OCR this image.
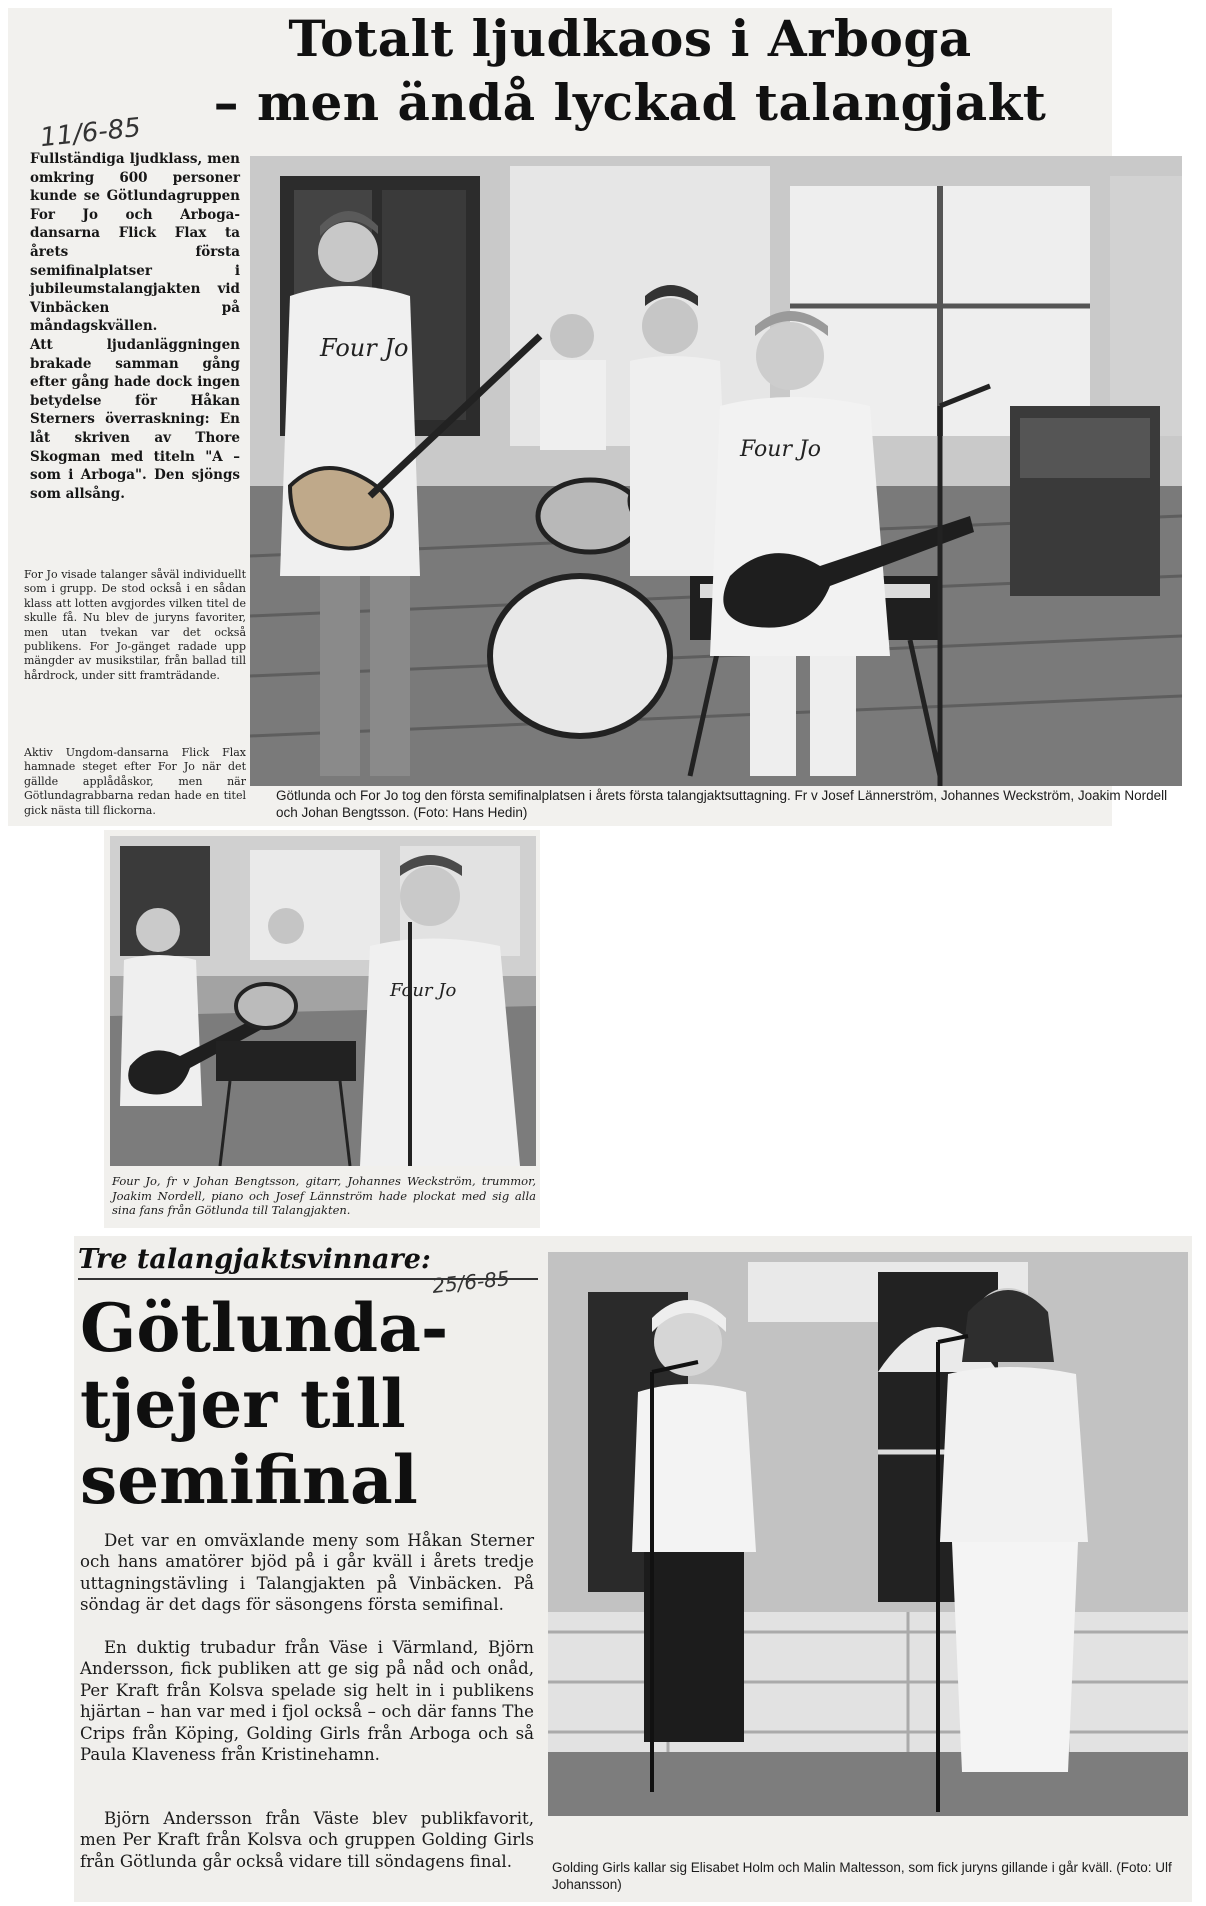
Totalt ljudkaos i Arboga
– men ändå lyckad talangjakt
11/6-85

Fullständiga ljudklass, men omkring 600 personer kunde se Götlundagruppen For Jo och Arboga-dansarna Flick Flax ta årets första semifinalplatser i jubileumstalangjakten vid Vinbäcken på måndagskvällen.

Att ljudanläggningen brakade samman gång efter gång hade dock ingen betydelse för Håkan Sterners överraskning: En låt skriven av Thore Skogman med titeln "A – som i Arboga". Den sjöngs som allsång.

For Jo visade talanger såväl individuellt som i grupp. De stod också i en sådan klass att lotten avgjordes vilken titel de skulle få. Nu blev de juryns favoriter, men utan tvekan var det också publikens. For Jo-gänget radade upp mängder av musikstilar, från ballad till hårdrock, under sitt framträdande.

Aktiv Ungdom-dansarna Flick Flax hamnade steget efter For Jo när det gällde applådåskor, men när Götlundagrabbarna redan hade en titel gick nästa till flickorna.

Four Jo
Four Jo

Götlunda och For Jo tog den första semifinalplatsen i årets första talangjaktsuttagning. Fr v Josef Lännerström, Johannes Weckström, Joakim Nordell och Johan Bengtsson. (Foto: Hans Hedin)

Four Jo

Four Jo, fr v Johan Bengtsson, gitarr, Johannes Weckström, trummor, Joakim Nordell, piano och Josef Lännström hade plockat med sig alla sina fans från Götlunda till Talangjakten.

Tre talangjaktsvinnare:
25/6-85
Götlunda-
tjejer till
semifinal

Det var en omväxlande meny som Håkan Sterner och hans amatörer bjöd på i går kväll i årets tredje uttagningstävling i Talangjakten på Vinbäcken. På söndag är det dags för säsongens första semifinal.

En duktig trubadur från Väse i Värmland, Björn Andersson, fick publiken att ge sig på nåd och onåd, Per Kraft från Kolsva spelade sig helt in i publikens hjärtan – han var med i fjol också – och där fanns The Crips från Köping, Golding Girls från Arboga och så Paula Klaveness från Kristinehamn.

Björn Andersson från Väste blev publikfavorit, men Per Kraft från Kolsva och gruppen Golding Girls från Götlunda går också vidare till söndagens final.	Golding Girls kallar sig Elisabet Holm och Malin Maltesson, som fick juryns gillande i går kväll. (Foto: Ulf Johansson)
